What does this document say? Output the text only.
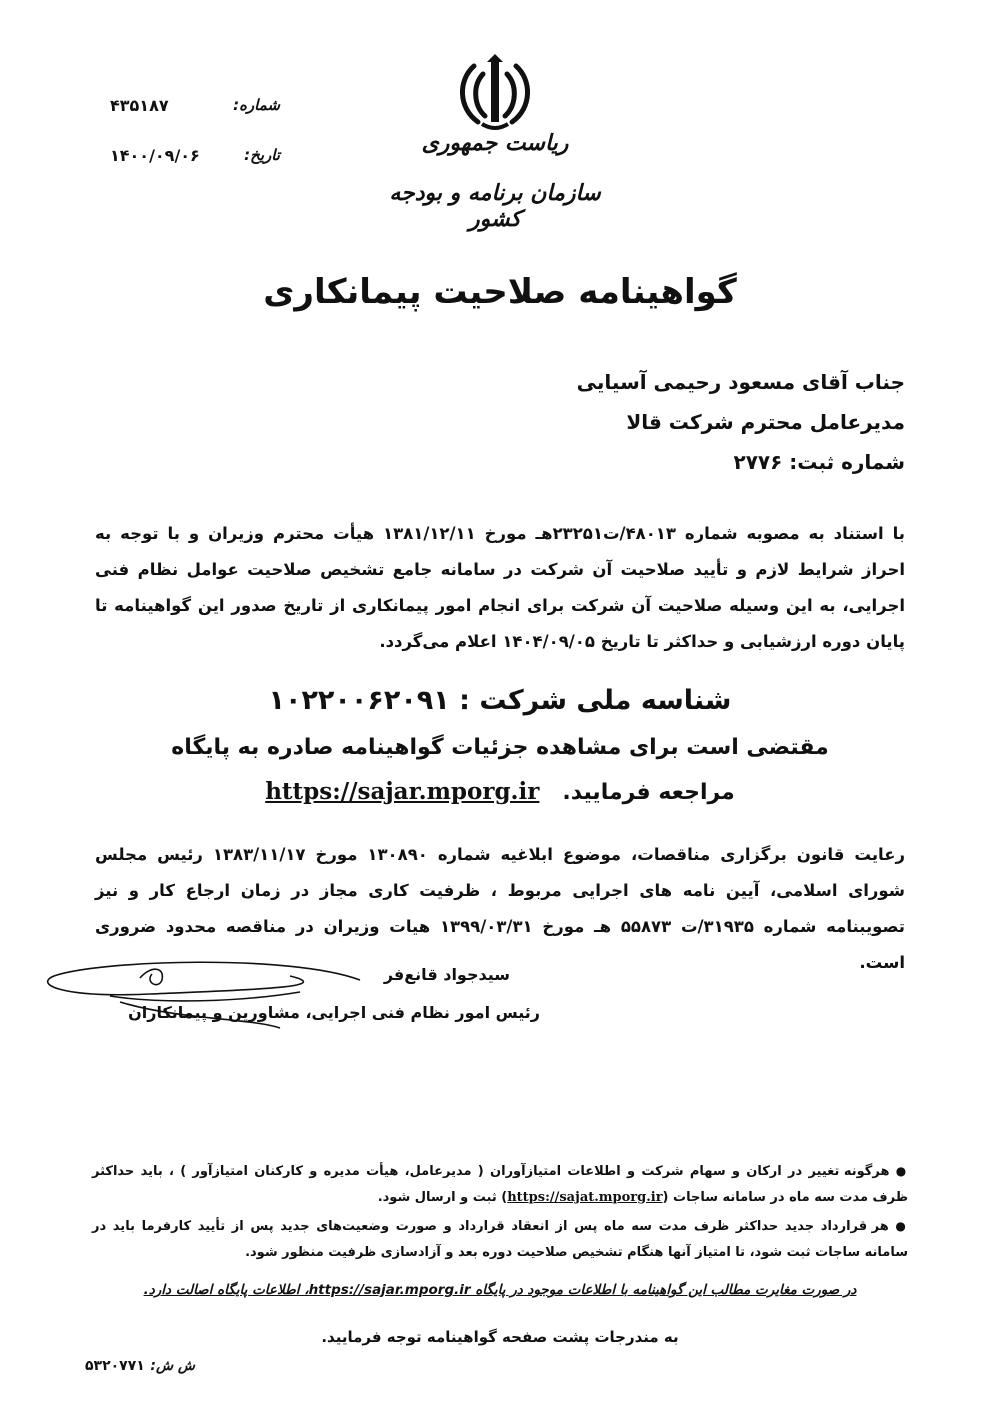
شماره:
۴۳۵۱۸۷
تاریخ:
۱۴۰۰/۰۹/۰۶	ریاست جمهوری
سازمان برنامه و بودجه کشور
گواهینامه صلاحیت پیمانکاری
جناب آقای مسعود رحیمی آسیایی
مدیرعامل محترم شرکت قالا
شماره ثبت: ۲۷۷۶
با استناد به مصوبه شماره ۴۸۰۱۳/ت۲۳۲۵۱هـ مورخ ۱۳۸۱/۱۲/۱۱ هیأت محترم وزیران و با توجه به احراز شرایط لازم و تأیید صلاحیت آن شرکت در سامانه جامع تشخیص صلاحیت عوامل نظام فنی اجرایی، به این وسیله صلاحیت آن شرکت برای انجام امور پیمانکاری از تاریخ صدور این گواهینامه تا پایان دوره ارزشیابی و حداکثر تا تاریخ ۱۴۰۴/۰۹/۰۵ اعلام می‌گردد.
شناسه ملی شرکت : ۱۰۲۲۰۰۶۲۰۹۱
مقتضی است برای مشاهده جزئیات گواهینامه صادره به پایگاه
مراجعه فرمایید.   https://sajar.mporg.ir
رعایت قانون برگزاری مناقصات، موضوع ابلاغیه شماره ۱۳۰۸۹۰ مورخ ۱۳۸۳/۱۱/۱۷ رئیس مجلس شورای اسلامی، آیین نامه های اجرایی مربوط ، ظرفیت کاری مجاز در زمان ارجاع کار و نیز تصویبنامه شماره ۳۱۹۳۵/ت ۵۵۸۷۳ هـ مورخ ۱۳۹۹/۰۳/۳۱ هیات وزیران در مناقصه محدود ضروری است.
سیدجواد قانع‌فر
رئیس امور نظام فنی اجرایی، مشاورین و پیمانکاران
● هرگونه تغییر در ارکان و سهام شرکت و اطلاعات امتیازآوران ( مدیرعامل، هیأت مدیره و کارکنان امتیازآور ) ، باید حداکثر ظرف مدت سه ماه در سامانه ساجات (https://sajat.mporg.ir) ثبت و ارسال شود.
● هر قرارداد جدید حداکثر ظرف مدت سه ماه پس از انعقاد قرارداد و صورت وضعیت‌های جدید پس از تأیید کارفرما باید در سامانه ساجات ثبت شود، تا امتیاز آنها هنگام تشخیص صلاحیت دوره بعد و آزادسازی ظرفیت منظور شود.
در صورت مغایرت مطالب این گواهینامه با اطلاعات موجود در پایگاه https://sajar.mporg.ir، اطلاعات پایگاه اصالت دارد.
به مندرجات پشت صفحه گواهینامه توجه فرمایید.
ش ش:
۵۳۲۰۷۷۱
